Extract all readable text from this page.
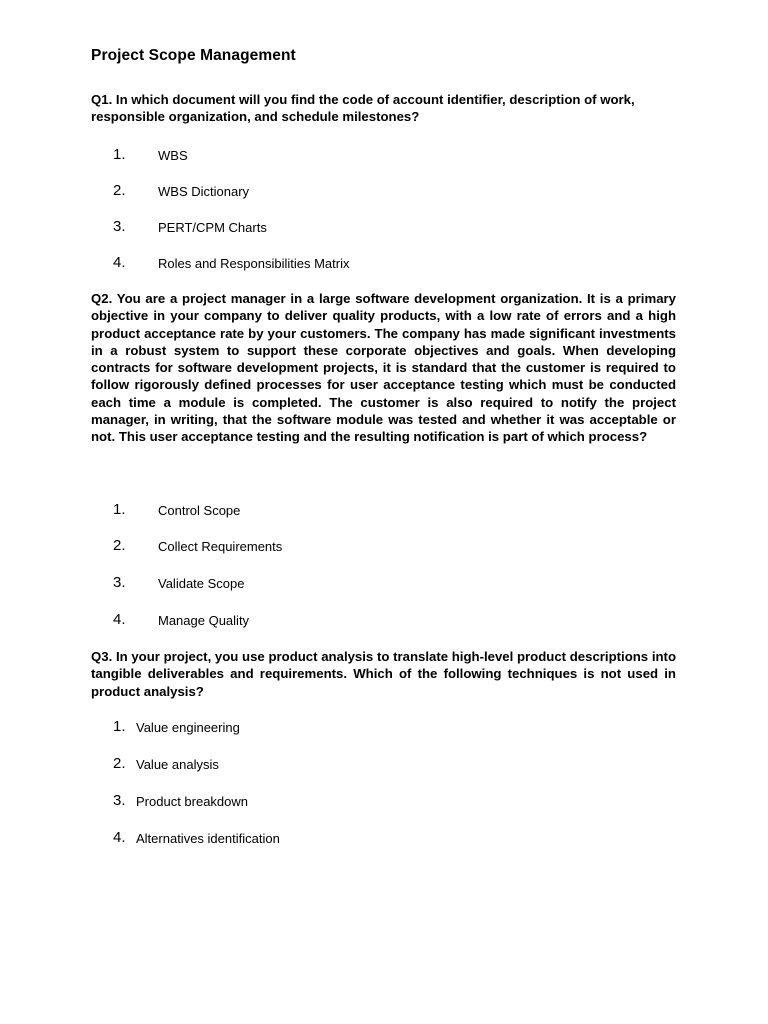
Project Scope Management
Q1. In which document will you find the code of account identifier, description of work, responsible organization, and schedule milestones?
1. WBS
2. WBS Dictionary
3. PERT/CPM Charts
4. Roles and Responsibilities Matrix
Q2. You are a project manager in a large software development organization. It is a primary objective in your company to deliver quality products, with a low rate of errors and a high product acceptance rate by your customers. The company has made significant investments in a robust system to support these corporate objectives and goals. When developing contracts for software development projects, it is standard that the customer is required to follow rigorously defined processes for user acceptance testing which must be conducted each time a module is completed. The customer is also required to notify the project manager, in writing, that the software module was tested and whether it was acceptable or not. This user acceptance testing and the resulting notification is part of which process?
1. Control Scope
2. Collect Requirements
3. Validate Scope
4. Manage Quality
Q3. In your project, you use product analysis to translate high-level product descriptions into tangible deliverables and requirements. Which of the following techniques is not used in product analysis?
1. Value engineering
2. Value analysis
3. Product breakdown
4. Alternatives identification
